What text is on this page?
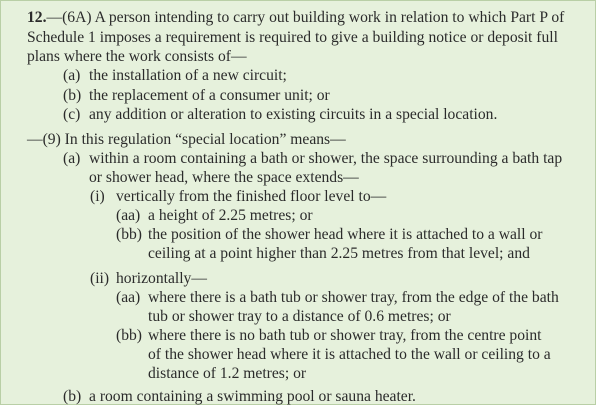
12.—(6A) A person intending to carry out building work in relation to which Part P of
Schedule 1 imposes a requirement is required to give a building notice or deposit full
plans where the work consists of—
(a) the installation of a new circuit;
(b) the replacement of a consumer unit; or
(c) any addition or alteration to existing circuits in a special location.
—(9) In this regulation “special location” means—
(a) within a room containing a bath or shower, the space surrounding a bath tap
or shower head, where the space extends—
(i) vertically from the finished floor level to—
(aa) a height of 2.25 metres; or
(bb) the position of the shower head where it is attached to a wall or
ceiling at a point higher than 2.25 metres from that level; and
(ii) horizontally—
(aa) where there is a bath tub or shower tray, from the edge of the bath
tub or shower tray to a distance of 0.6 metres; or
(bb) where there is no bath tub or shower tray, from the centre point
of the shower head where it is attached to the wall or ceiling to a
distance of 1.2 metres; or
(b) a room containing a swimming pool or sauna heater.
